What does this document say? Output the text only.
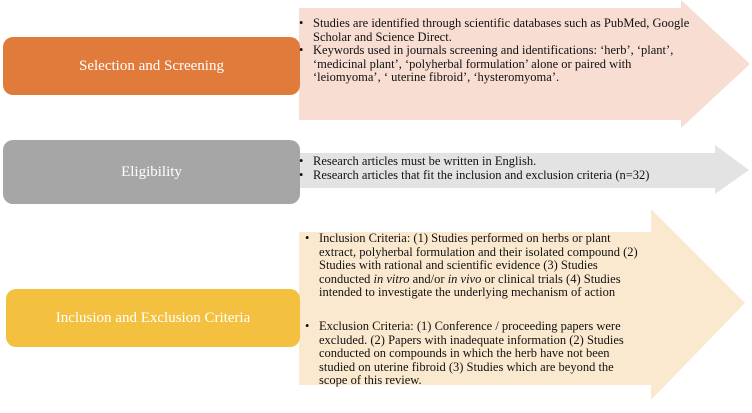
Selection and Screening
• Studies are identified through scientific databases such as PubMed, Google Scholar and Science Direct.
• Keywords used in journals screening and identifications: ‘herb’, ‘plant’, ‘medicinal plant’, ‘polyherbal formulation’ alone or paired with ‘leiomyoma’, ‘ uterine fibroid’, ‘hysteromyoma’.
Eligibility
• Research articles must be written in English.
• Research articles that fit the inclusion and exclusion criteria (n=32)
Inclusion and Exclusion Criteria
• Inclusion Criteria: (1) Studies performed on herbs or plant extract, polyherbal formulation and their isolated compound (2) Studies with rational and scientific evidence (3) Studies conducted in vitro and/or in vivo or clinical trials (4) Studies intended to investigate the underlying mechanism of action
• Exclusion Criteria: (1) Conference / proceeding papers were excluded. (2) Papers with inadequate information (2) Studies conducted on compounds in which the herb have not been studied on uterine fibroid (3) Studies which are beyond the scope of this review.
